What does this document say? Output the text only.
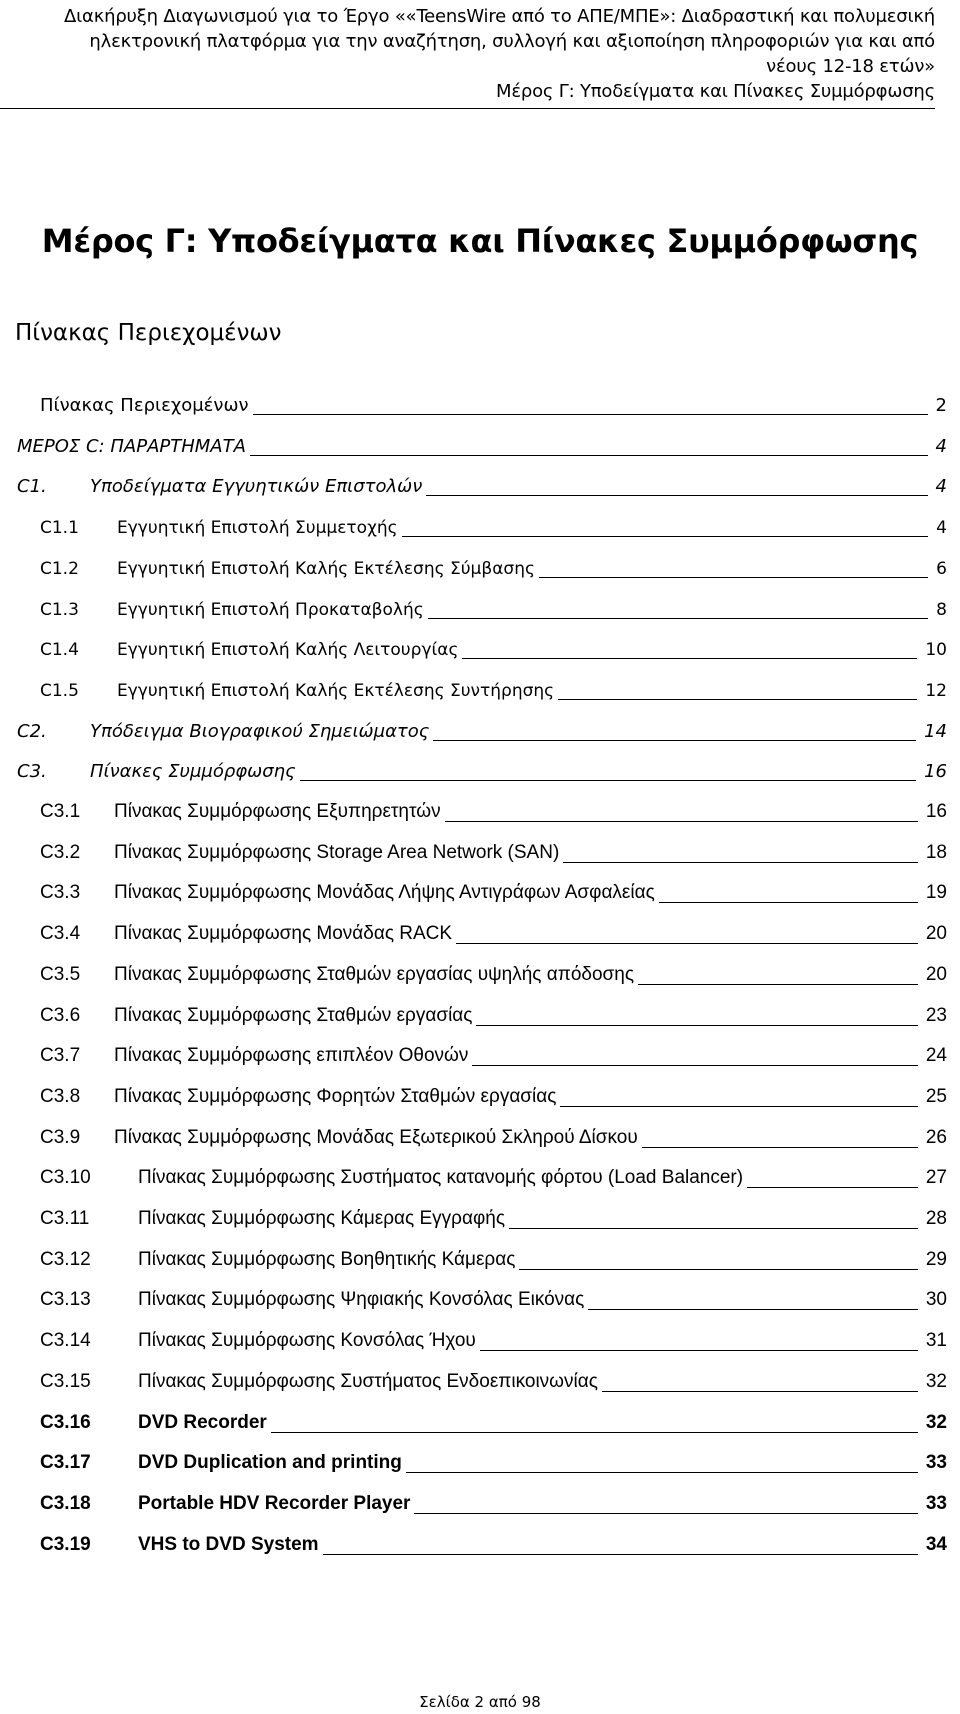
Διακήρυξη Διαγωνισμού για το Έργο ««TeensWire από το ΑΠΕ/ΜΠΕ»: Διαδραστική και πολυμεσική
ηλεκτρονική πλατφόρμα για την αναζήτηση, συλλογή και αξιοποίηση πληροφοριών για και από
νέους 12-18 ετών»
Μέρος Γ: Υποδείγματα και Πίνακες Συμμόρφωσης
Μέρος Γ: Υποδείγματα και Πίνακες Συμμόρφωσης
Πίνακας Περιεχομένων
Πίνακας Περιεχομένων	2
ΜΕΡΟΣ C: ΠΑΡΑΡΤΗΜΑΤΑ	4
C1. Υποδείγματα Εγγυητικών Επιστολών	4
C1.1 Εγγυητική Επιστολή Συμμετοχής	4
C1.2 Εγγυητική Επιστολή Καλής Εκτέλεσης Σύμβασης	6
C1.3 Εγγυητική Επιστολή Προκαταβολής	8
C1.4 Εγγυητική Επιστολή Καλής Λειτουργίας	10
C1.5 Εγγυητική Επιστολή Καλής Εκτέλεσης Συντήρησης	12
C2. Υπόδειγμα Βιογραφικού Σημειώματος	14
C3. Πίνακες Συμμόρφωσης	16
C3.1 Πίνακας Συμμόρφωσης Εξυπηρετητών	16
C3.2 Πίνακας Συμμόρφωσης Storage Area Network (SAN)	18
C3.3 Πίνακας Συμμόρφωσης Μονάδας Λήψης Αντιγράφων Ασφαλείας	19
C3.4 Πίνακας Συμμόρφωσης Μονάδας RACK	20
C3.5 Πίνακας Συμμόρφωσης Σταθμών εργασίας υψηλής απόδοσης	20
C3.6 Πίνακας Συμμόρφωσης Σταθμών εργασίας	23
C3.7 Πίνακας Συμμόρφωσης επιπλέον Οθονών	24
C3.8 Πίνακας Συμμόρφωσης Φορητών Σταθμών εργασίας	25
C3.9 Πίνακας Συμμόρφωσης Μονάδας Εξωτερικού Σκληρού Δίσκου	26
C3.10 Πίνακας Συμμόρφωσης Συστήματος κατανομής φόρτου (Load Balancer)	27
C3.11	Πίνακας Συμμόρφωσης Κάμερας Εγγραφής	28
C3.12 Πίνακας Συμμόρφωσης Βοηθητικής Κάμερας	29
C3.13 Πίνακας Συμμόρφωσης Ψηφιακής Κονσόλας Εικόνας	30
C3.14 Πίνακας Συμμόρφωσης Κονσόλας Ήχου	31
C3.15 Πίνακας Συμμόρφωσης Συστήματος Ενδοεπικοινωνίας	32
C3.16 DVD Recorder	32
C3.17 DVD Duplication and printing	33
C3.18 Portable HDV Recorder Player	33
C3.19 VHS to DVD System	34
Σελίδα 2 από 98
